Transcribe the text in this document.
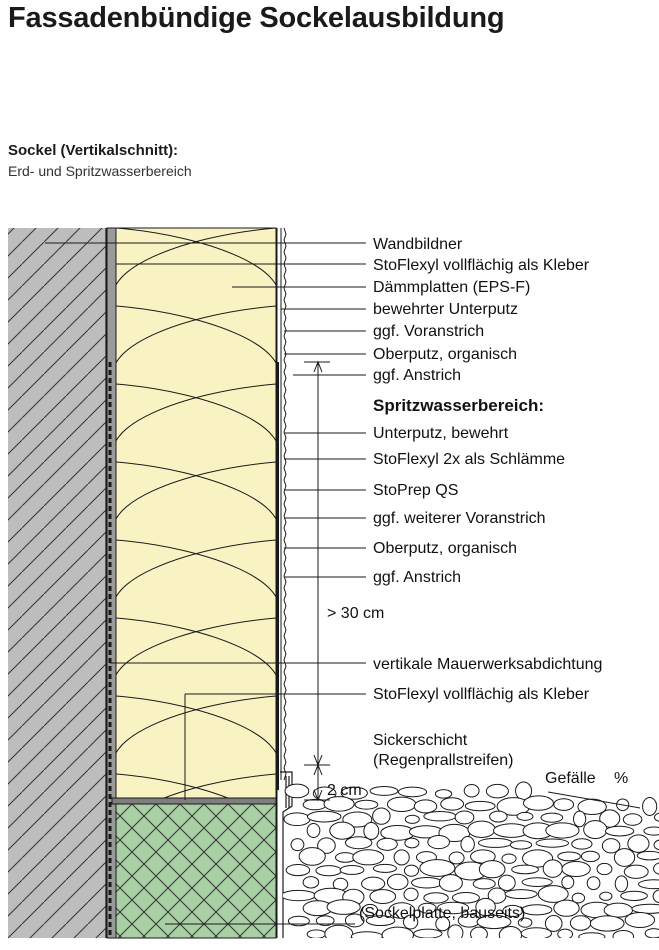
Fassadenbündige Sockelausbildung
Sockel (Vertikalschnitt):
Erd- und Spritzwasserbereich
Wandbildner
StoFlexyl vollflächig als Kleber
Dämmplatten (EPS-F)
bewehrter Unterputz
ggf. Voranstrich
Oberputz, organisch
ggf. Anstrich
Spritzwasserbereich:
Unterputz, bewehrt
StoFlexyl 2x als Schlämme
StoPrep QS
ggf. weiterer Voranstrich
Oberputz, organisch
ggf. Anstrich
> 30 cm
vertikale Mauerwerksabdichtung
StoFlexyl vollflächig als Kleber
Sickerschicht
(Regenprallstreifen)
2 cm
Gefälle %
(Sockelplatte, bauseits)
